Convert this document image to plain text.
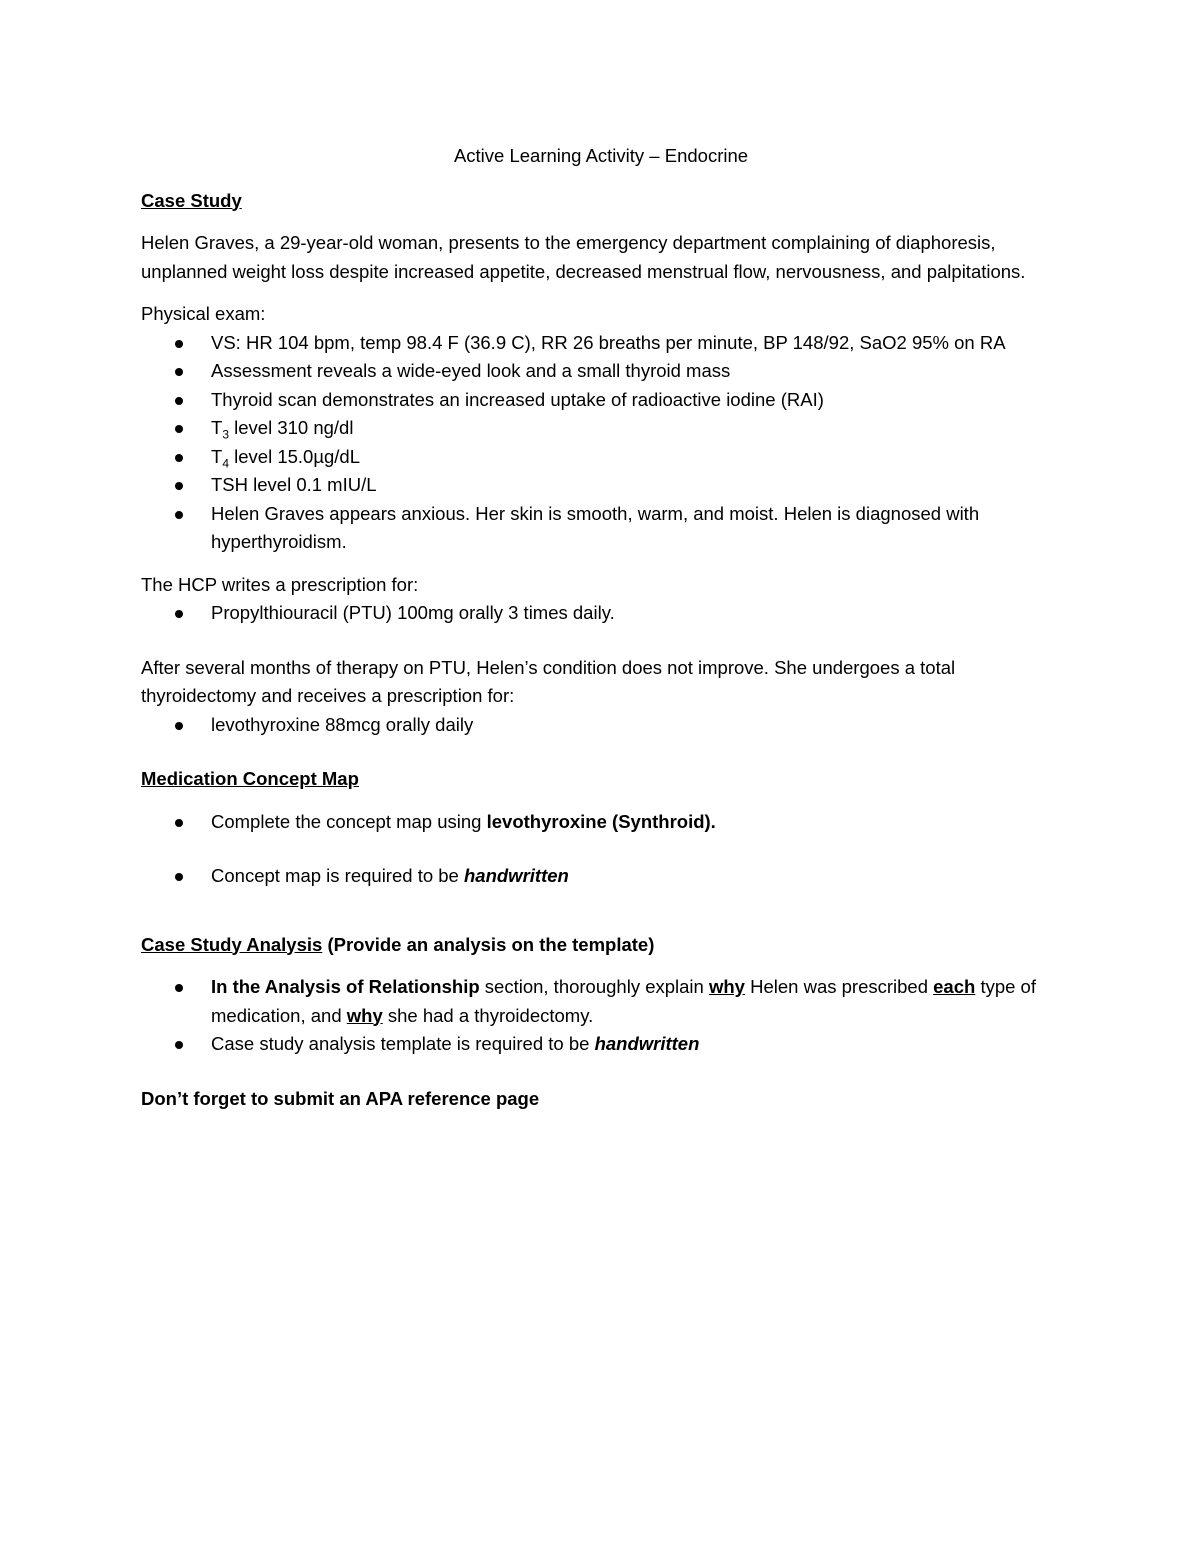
Active Learning Activity – Endocrine
Case Study
Helen Graves, a 29-year-old woman, presents to the emergency department complaining of diaphoresis, unplanned weight loss despite increased appetite, decreased menstrual flow, nervousness, and palpitations.
Physical exam:
VS: HR 104 bpm, temp 98.4 F (36.9 C), RR 26 breaths per minute, BP 148/92, SaO2 95% on RA
Assessment reveals a wide-eyed look and a small thyroid mass
Thyroid scan demonstrates an increased uptake of radioactive iodine (RAI)
$T_3$ level 310 ng/dl
$T_4$ level 15.0µg/dL
TSH level 0.1 mIU/L
Helen Graves appears anxious. Her skin is smooth, warm, and moist. Helen is diagnosed with hyperthyroidism.
The HCP writes a prescription for:
Propylthiouracil (PTU) 100mg orally 3 times daily.
After several months of therapy on PTU, Helen’s condition does not improve. She undergoes a total thyroidectomy and receives a prescription for:
levothyroxine 88mcg orally daily
Medication Concept Map
Complete the concept map using levothyroxine (Synthroid).
Concept map is required to be handwritten
Case Study Analysis (Provide an analysis on the template)
In the Analysis of Relationship section, thoroughly explain why Helen was prescribed each type of medication, and why she had a thyroidectomy.
Case study analysis template is required to be handwritten
Don’t forget to submit an APA reference page
